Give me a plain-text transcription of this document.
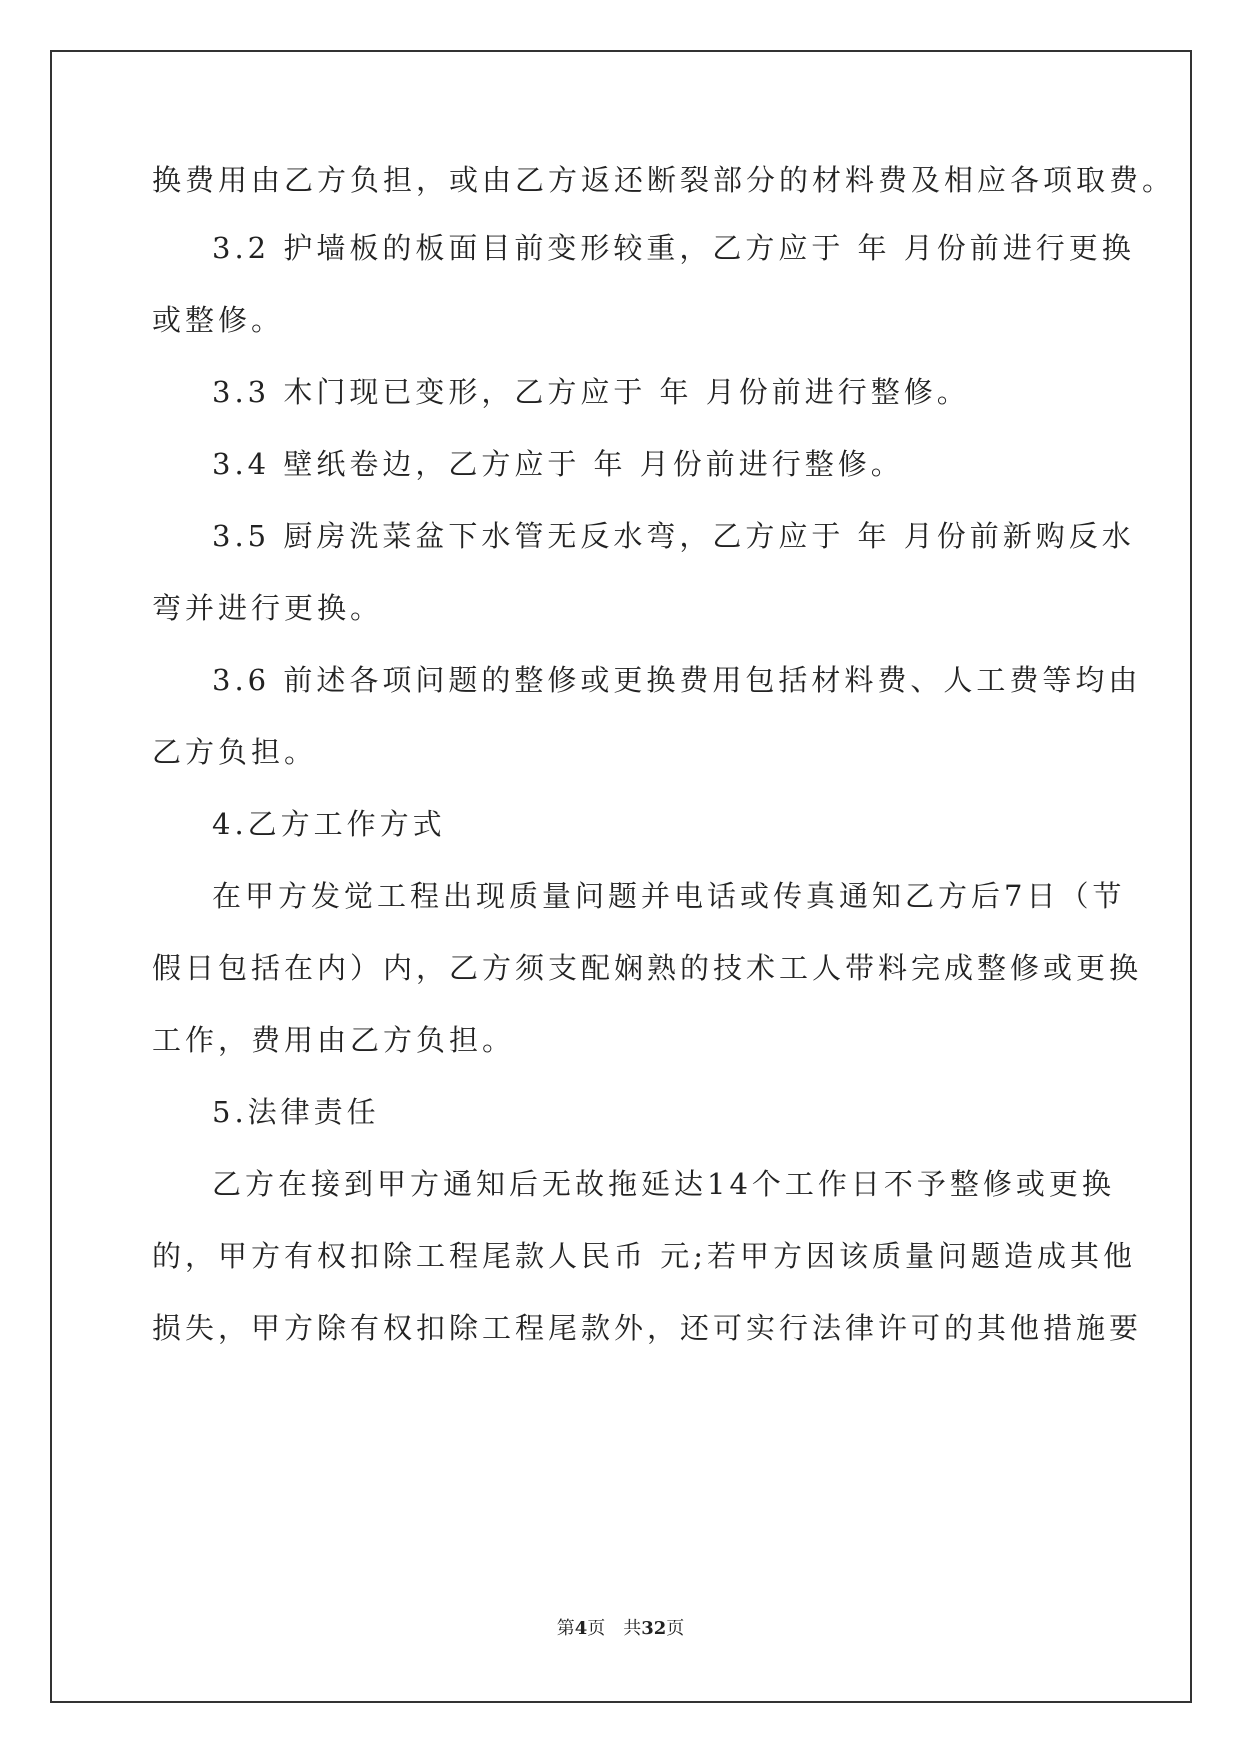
换费用由乙方负担，或由乙方返还断裂部分的材料费及相应各项取费。
3.2 护墙板的板面目前变形较重，乙方应于 年 月份前进行更换
或整修。
3.3 木门现已变形，乙方应于 年 月份前进行整修。
3.4 壁纸卷边，乙方应于 年 月份前进行整修。
3.5 厨房洗菜盆下水管无反水弯，乙方应于 年 月份前新购反水
弯并进行更换。
3.6 前述各项问题的整修或更换费用包括材料费、人工费等均由
乙方负担。
4.乙方工作方式
在甲方发觉工程出现质量问题并电话或传真通知乙方后7日（节
假日包括在内）内，乙方须支配娴熟的技术工人带料完成整修或更换
工作，费用由乙方负担。
5.法律责任
乙方在接到甲方通知后无故拖延达14个工作日不予整修或更换
的，甲方有权扣除工程尾款人民币 元;若甲方因该质量问题造成其他
损失，甲方除有权扣除工程尾款外，还可实行法律许可的其他措施要
第4页 共32页
